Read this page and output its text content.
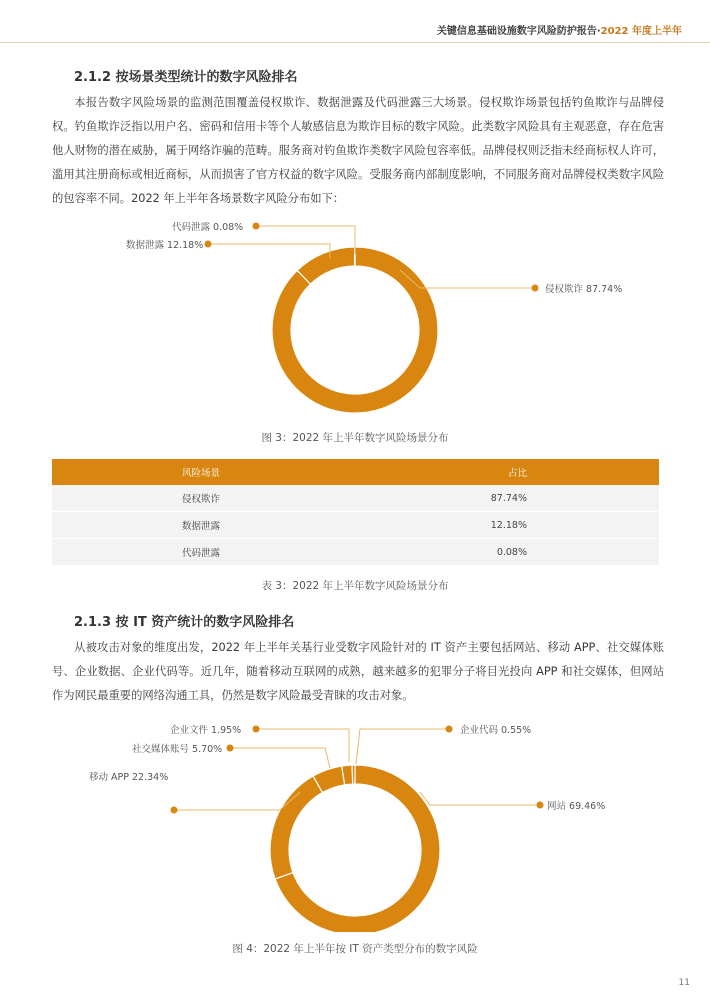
关键信息基础设施数字风险防护报告·2022 年度上半年
2.1.2 按场景类型统计的数字风险排名
本报告数字风险场景的监测范围覆盖侵权欺诈、数据泄露及代码泄露三大场景。侵权欺诈场景包括钓鱼欺诈与品牌侵权。钓鱼欺诈泛指以用户名、密码和信用卡等个人敏感信息为欺诈目标的数字风险。此类数字风险具有主观恶意，存在危害他人财物的潜在威胁，属于网络诈骗的范畴。服务商对钓鱼欺诈类数字风险包容率低。品牌侵权则泛指未经商标权人许可，滥用其注册商标或相近商标，从而损害了官方权益的数字风险。受服务商内部制度影响，不同服务商对品牌侵权类数字风险的包容率不同。2022 年上半年各场景数字风险分布如下：
代码泄露 0.08%
数据泄露 12.18%
侵权欺诈 87.74%
图 3：2022 年上半年数字风险场景分布
风险场景	占比
侵权欺诈	87.74%
数据泄露	12.18%
代码泄露	0.08%
表 3：2022 年上半年数字风险场景分布
2.1.3 按 IT 资产统计的数字风险排名
从被攻击对象的维度出发，2022 年上半年关基行业受数字风险针对的 IT 资产主要包括网站、移动 APP、社交媒体账号、企业数据、企业代码等。近几年，随着移动互联网的成熟，越来越多的犯罪分子将目光投向 APP 和社交媒体，但网站作为网民最重要的网络沟通工具，仍然是数字风险最受青睐的攻击对象。
企业文件 1.95%
社交媒体账号 5.70%
移动 APP 22.34%
企业代码 0.55%
网站 69.46%
图 4：2022 年上半年按 IT 资产类型分布的数字风险
11
